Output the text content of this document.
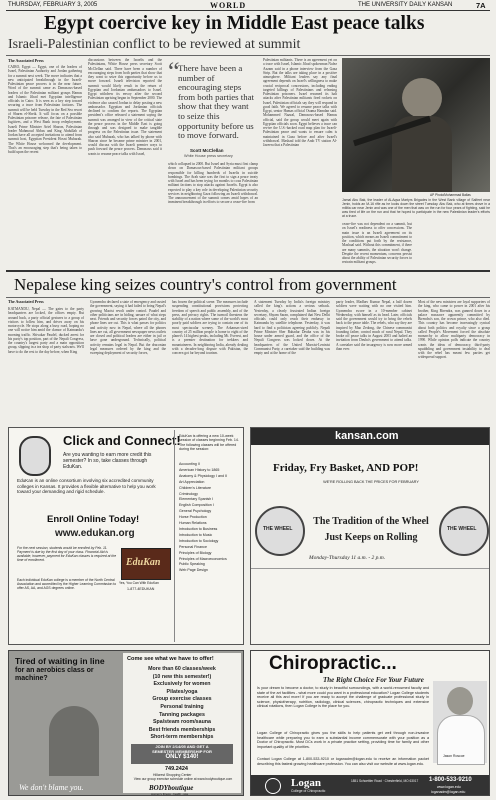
THURSDAY, FEBRUARY 3, 2005	WORLD	THE UNIVERSITY DAILY KANSAN	7A
Egypt coercive key in Middle East peace talks
Israeli-Palestinian conflict to be reviewed at summit
The Associated Press
CAIRO, Egypt — Egypt, one of the leaders of Israel, Palestinian Authority and Jordan gathering for a summit next week. The move indicates that a new anticipated breakthrough in the Israeli-Palestinian peace process is in the near future. Word of the summit came as Damascus-based leaders of the Palestinian militant groups Hamas and Islamic Jihad met Egyptian intelligence officials in Cairo. It is seen as a key step toward securing a truce from Palestinian factions. The summit will be held Tuesday in the Red Sea resort of Sharm el-Sheik. It will focus on a possible Palestinian prisoner release, the fate of Palestinian fugitives, and a West Bank troop redeployment. Israeli Prime Minister Ariel Sharon, Palestinian leader Mahmoud Abbas and King Abdullah of Jordan have all accepted invitations to attend from summit host, Egyptian President Hosni Mubarak. The White House welcomed the development. That's an encouraging step that's being taken to build upon the recent
discussions between the Israelis and the Palestinians, White House press secretary Scott McClellan said. There have been a number of encouraging steps from both parties that show that they want to seize this opportunity before us to move forward. Israeli television reported the summit would likely result in the return of Egyptian and Jordanian ambassadors to Israel. Egypt withdrew its envoy after the second Palestinian uprising began in September 2000. The violence also caused Jordan to delay posting a new ambassador. Egyptian and Jordanian officials declined to confirm the reports. The Egyptian president's office released a statement saying the summit was arranged in view of the critical state the peace process in the Middle East is going through and was designed to make tangible progress on the Palestinian issue. The statement also said Mubarak, who has talked by phone with Sharon since he became prime minister in 2001, would discuss with the Israeli premier ways to push forward the peace process. Damascus said it wants to resume peace talks with Israel,
“
There have been a number of encouraging steps from both parties that show that they want to seize this opportunity before us to move forward.
Scott McClellan
White House press secretary
which collapsed in 2000. But Israel and Syria must first clamp down on Damascus-based Palestinian militant groups responsible for killing hundreds of Israelis in suicide bombings. The Arab state was the first to sign a peace treaty with Israel and has been trying for months to coax Palestinian militant factions to stop attacks against Israelis. Egypt is also expected to play a key role in developing Palestinian security services in neighboring Gaza following an Israeli withdrawal. The announcement of the summit comes amid hopes of an imminent breakthrough in efforts to secure a cease-fire from
Palestinian militants. There is an agreement yet on a truce with Israel, Islamic Jihad spokesman Nafez Azzam said in a phone interview from the Gaza Strip. But the talks are taking place in a positive atmosphere. Militant leaders say any final agreement depends on Israel's willingness to make crucial reciprocal concessions, including ending targeted killings of Palestinians and releasing Palestinian prisoners. Israel resumed its halt attacks after Palestinian militants fired rockets on Israel, Palestinian officials say they will respond in good faith. We agreed to resume peace talks with Egypt, senior Hamas official Osama Hamdan said. Mohammed Nazzal, Damascus-based Hamas official, said the group would meet again with Egyptian officials soon. Egypt believes a truce can revive the U.S.-backed road map plan for Israeli-Palestinian peace and wants to ensure calm is maintained in Gaza before and after Israel's withdrawal. Mashaal told the Arab TV station Al-Jazeera that a Palestinian
AP Photo/Mohammad Ballas
Jamal Abu Bak, the leader of Al-Aqsa Martyrs Brigades in the West Bank village of Salfeet near Jenin, holds an M-16 rifle as he looks down the street Tuesday. Abu Bak, who at times drove in a militia car near Jenin and was one of the men that was on the run for four years of fighting, said he was tired of life on the run and that he hoped to participate in the new Palestinian leader's efforts at a truce.
cease-fire was not dependent on a summit, but on Israel's readiness to offer concessions. The main issue is an Israeli agreement on its position, which means an Israeli commitment to the conditions put forth by the resistance, Mashaal said. Without this commitment, if there are many summits, the situation won't change. Despite the recent momentum, concerns persist about the ability of Palestinian security forces to restrain militant groups.
Nepalese king seizes country's control from government
The Associated Press
KATMANDU, Nepal — The gates to the party headquarters are locked, the offices empty. But around back, a party official gestures to a group of visitors to follow him, and drives away on his motorcycle. He stops along a busy road, hoping no one will notice him amid the clamor of Katmandu's morning traffic. Shivakar Paudel, ducked arrest for his party's top position, part of the Nepali Congress, the country's largest party and a main opposition group, slipping in a tea shop of party stalwarts. We'll have to do the rest to the day before, when King
Gyanendra declared a state of emergency and ousted the government, saying it had failed to bring Nepal's growing Maoist revolt under control. Paudel and other politicians are in hiding, unsure of what steps next. Friends and security forces patrol the city, and phone lines are cut. This is what passes for politics and activity now in Nepal, where all the phones lines are cut, all government newspaper news outlets are closed and political leaders are either in jail or have gone underground. Technically, political activity remains legal in Nepal. But the draconian legal measures ordered by the king and the sweeping deployment of security forces,
has frozen the political scene. The measures include suspending constitutional provisions protecting freedom of speech and public assembly, and of the press, and privacy rights. The turmoil threatens the stability of a nation where some of the world's most poorly paid soldiers are trying to contain one of its most spectacular scenery. The Arkansas-sized country of 25 million people is home to eight of the planet's 14 highest peaks, including Mt. Everest, and is a premier destination for trekkers and mountaineers. In neighboring India, already dealing with a decades-long dispute with Pakistan, the concern got far beyond tourism.
A statement Tuesday by India's foreign ministry called the king's actions a serious setback. Yesterday, a clearly frustrated Indian foreign secretary, Shyam Saran, complained that New Delhi officials could only reach their embassy in Katmandu by satellite telephone. Yesterday, it was hard to find a politician agreeing publicly. Nepali Prime Minister Sher Bahadur Deuba was in his house under armed guard, and the office of the Nepali Congress was locked down. At the headquarters of the United Marxist-Leninist Communist Party, a caretaker said the building was empty and at the home of the
party leader, Madhav Kumar Nepal, a half dozen soldiers were waiting with no one visited him. Gyanendra swore in a 10-member cabinet Wednesday, with himself as its head. Later, officials said the government would try to bring the rebels back to the peace table. The rebels, who say they are inspired by Mao Zedong, the Chinese communist founding father, control much of rural Nepal. They broke off peace talks in August 2003 and halted an invitation from Deuba's government to attend talks. A caretaker said the insurgency is now more armed than ever.
Most of the new ministers are loyal supporters of the king, who came to power in 2001 after his brother, King Birendra, was gunned down in a palace massacre apparently committed by Birendra's son, the crown prince, who also died. This country has become increasingly cynical about both politics and royalty since a group called People's Movement forced the absolute monarchy to allow multiparty democracy in 1990. While opinion polls indicate the country wants the ideas of democracy, third-party squabbling and government instability to deal with the rebel has meant few parties get widespread support.
Click and Connect!
Are you wanting to earn more credit this semester? In so, take classes through EduKan.
EduKan is an online consortium involving six accredited community colleges in Kansas. It provides a flexible alternative to help you work toward your demanding and rigid schedule.
Enroll Online Today!
www.edukan.org
For the next session, students would be enrolled by Feb. 11. Payment is due by the first day of your class. Financial Aid is available, however, payment for EduKan classes is required at the time of enrollment.
Each individual EduKan college is a member of the North Central Association and accredited by the Higher Learning Commission to offer AS, AA, and AGS degrees online.
EduKan
Yes, You Can With EduKan
1-877-4EDUKAN
EduKan is offering a new 10-week session of classes beginning Feb. 14. The following classes will be offered during the session:
Accounting II
American History to 1865
Anatomy & Physiology I and II
Art Appreciation
Children's Literature
Criminology
Elementary Spanish I
English Composition I
General Psychology
Horse Production
Human Relations
Introduction to Business
Introduction to Music
Introduction to Sociology
Personal Finance
Principles of Biology
Principles of Macroeconomics
Public Speaking
Web Page Design
Tired of waiting in line
for an aerobics class or machine?
We don't blame you.
Come see what we have to offer!
More than 60 classes/week
(10 new this semester!)
Exclusively for women
Pilates/yoga
Group exercise classes
Personal training
Tanning packages
Spa/steam room/sauna
Best friends memberships
Short-term memberships
JOIN BY 2/14/05 AND GET A
SEMESTER MEMBERSHIP FOR
ONLY $140!
749.2424
Hillcrest Shopping Center
View our group exercise schedule online at www.bodyboutique.com
BODYboutique
women's fitness · health · spa
kansan.com
Friday, Fry Basket, AND POP!
WE'RE ROLLING BACK THE PRICES FOR FEBRUARY
THE WHEEL	THE WHEEL
The Tradition of the Wheel
Just Keeps on Rolling
Monday-Thursday 11 a.m. - 2 p.m.
Chiropractic...
The Right Choice For Your Future
Is your dream to become a doctor, to study in beautiful surroundings, with a world-renowned faculty and state of the art facilities - what more could you want in a professional education? Logan College students receive all this and more! If you are ready to accept the challenge of graduate professional study in science, physiotherapy, nutrition, radiology, clinical sciences, chiropractic techniques and extensive clinical rotations, then Logan College is the place for you.
Logan College of Chiropractic gives you the skills to help patients get well through non-invasive healthcare while preparing you to earn a substantial income commensurate with your position as a Doctor of Chiropractic. Most DCs work in a private practice setting, providing time for family and other important quality of life priorities.
Contact Logan College at 1-800-533-9210 or loganadm@logan.edu to receive an information packet describing this fastest growing healthcare profession. You can also visit our website at www.logan.edu.
Jason Roscoe
Logan
College of Chiropractic
1851 Schoettler Road · Chesterfield, MO 63017 1-800-533-9210
www.logan.edu
loganadm@logan.edu
